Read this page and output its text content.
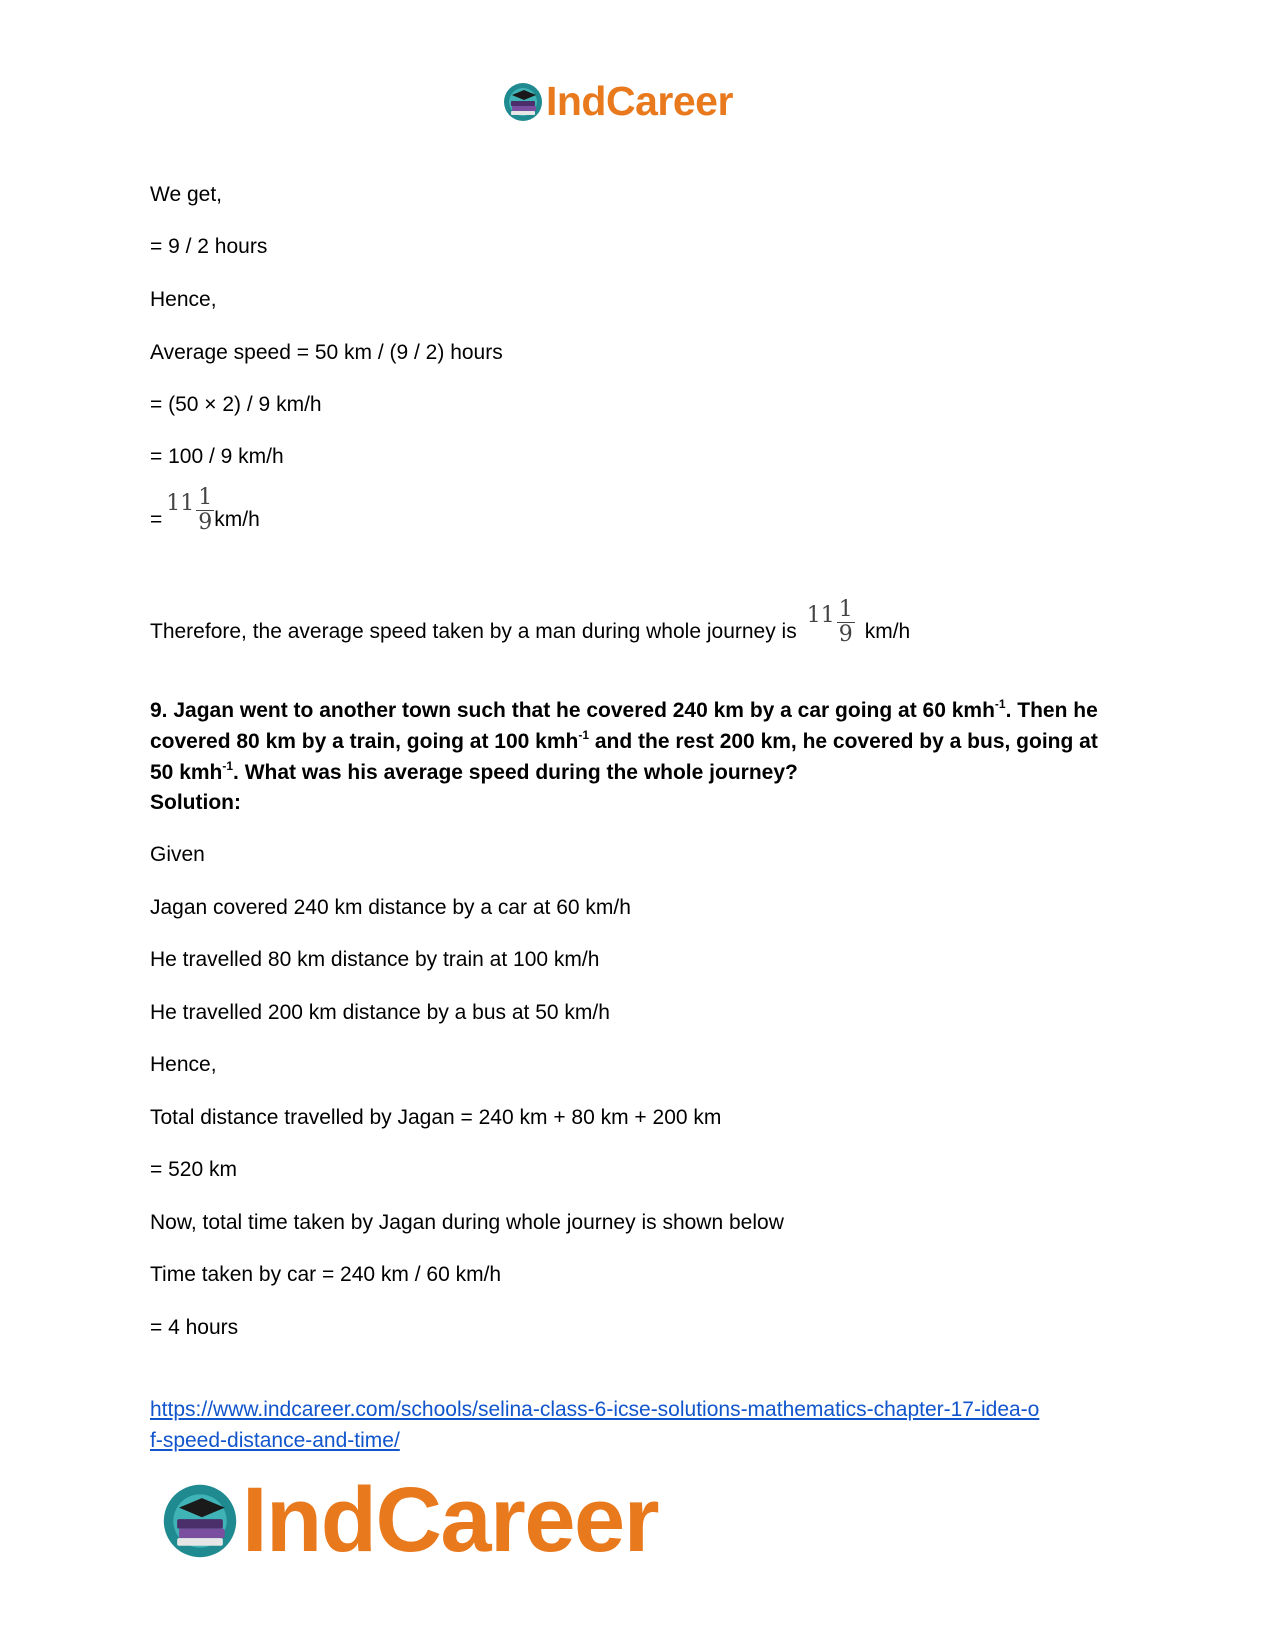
IndCareer
We get,
= 9 / 2 hours
Hence,
Average speed = 50 km / (9 / 2) hours
= (50 × 2) / 9 km/h
= 100 / 9 km/h
=
$11 \frac{1}{9} km/h$
Therefore, the average speed taken by a man during whole journey is
$11 \frac{1}{9} km/h$
9. Jagan went to another town such that he covered 240 km by a car going at 60 kmh$^{-1}$. Then he covered 80 km by a train, going at 100 kmh$^{-1}$ and the rest 200 km, he covered by a bus, going at 50 kmh$^{-1}$. What was his average speed during the whole journey?
Solution:
Given
Jagan covered 240 km distance by a car at 60 km/h
He travelled 80 km distance by train at 100 km/h
He travelled 200 km distance by a bus at 50 km/h
Hence,
Total distance travelled by Jagan = 240 km + 80 km + 200 km
= 520 km
Now, total time taken by Jagan during whole journey is shown below
Time taken by car = 240 km / 60 km/h
= 4 hours
https://www.indcareer.com/schools/selina-class-6-icse-solutions-mathematics-chapter-17-idea-o
f-speed-distance-and-time/
IndCareer
